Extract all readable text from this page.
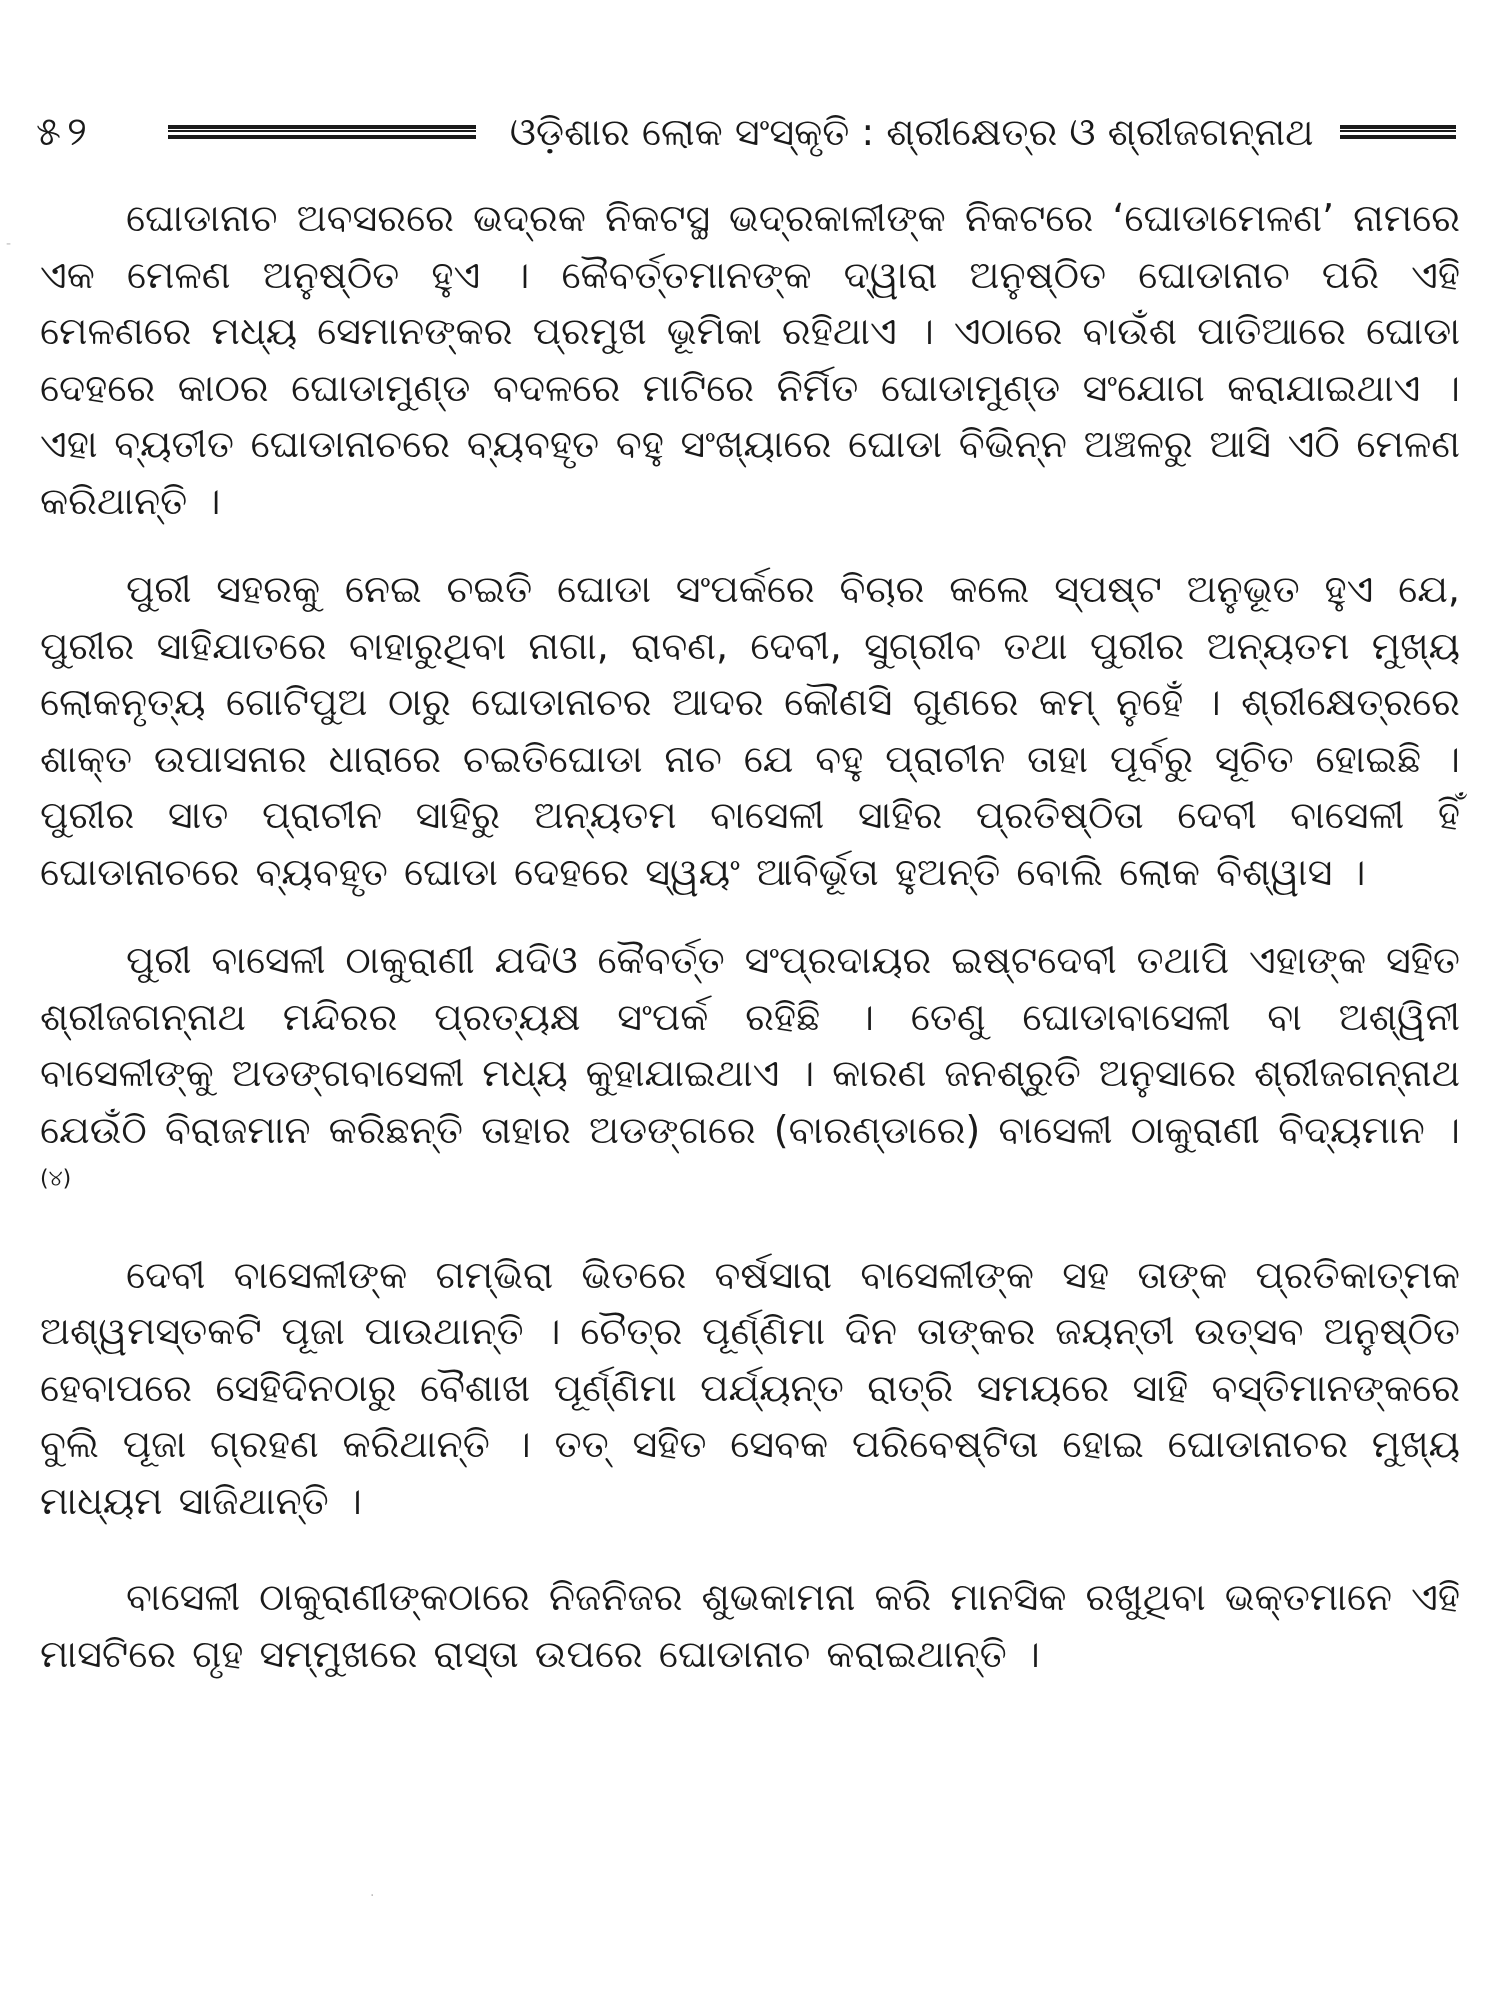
୫୨	ଓଡ଼ିଶାର ଲୋକ ସଂସ୍କୃତି : ଶ୍ରୀକ୍ଷେତ୍ର ଓ ଶ୍ରୀଜଗନ୍ନାଥ

ଘୋଡାନାଚ ଅବସରରେ ଭଦ୍ରକ ନିକଟସ୍ଥ ଭଦ୍ରକାଳୀଙ୍କ ନିକଟରେ ‘ଘୋଡାମେଳଣ’ ନାମରେ ଏକ ମେଳଣ ଅନୁଷ୍ଠିତ ହୁଏ । କୈବର୍ତ୍ତମାନଙ୍କ ଦ୍ୱାରା ଅନୁଷ୍ଠିତ ଘୋଡାନାଚ ପରି ଏହି ମେଳଣରେ ମଧ୍ୟ ସେମାନଙ୍କର ପ୍ରମୁଖ ଭୂମିକା ରହିଥାଏ । ଏଠାରେ ବାଉଁଶ ପାତିଆରେ ଘୋଡା ଦେହରେ କାଠର ଘୋଡାମୁଣ୍ଡ ବଦଳରେ ମାଟିରେ ନିର୍ମିତ ଘୋଡାମୁଣ୍ଡ ସଂଯୋଗ କରାଯାଇଥାଏ । ଏହା ବ୍ୟତୀତ ଘୋଡାନାଚରେ ବ୍ୟବହୃତ ବହୁ ସଂଖ୍ୟାରେ ଘୋଡା ବିଭିନ୍ନ ଅଞ୍ଚଳରୁ ଆସି ଏଠି ମେଳଣ କରିଥାନ୍ତି ।

ପୁରୀ ସହରକୁ ନେଇ ଚଇତି ଘୋଡା ସଂପର୍କରେ ବିଚାର କଲେ ସ୍ପଷ୍ଟ ଅନୁଭୂତ ହୁଏ ଯେ, ପୁରୀର ସାହିଯାତରେ ବାହାରୁଥିବା ନାଗା, ରାବଣ, ଦେବୀ, ସୁଗ୍ରୀବ ତଥା ପୁରୀର ଅନ୍ୟତମ ମୁଖ୍ୟ ଲୋକନୃତ୍ୟ ଗୋଟିପୁଅ ଠାରୁ ଘୋଡାନାଚର ଆଦର କୌଣସି ଗୁଣରେ କମ୍ ନୁହେଁ । ଶ୍ରୀକ୍ଷେତ୍ରରେ ଶାକ୍ତ ଉପାସନାର ଧାରାରେ ଚଇତିଘୋଡା ନାଚ ଯେ ବହୁ ପ୍ରାଚୀନ ତାହା ପୂର୍ବରୁ ସୂଚିତ ହୋଇଛି । ପୁରୀର ସାତ ପ୍ରାଚୀନ ସାହିରୁ ଅନ୍ୟତମ ବାସେଳୀ ସାହିର ପ୍ରତିଷ୍ଠିତା ଦେବୀ ବାସେଳୀ ହିଁ ଘୋଡାନାଚରେ ବ୍ୟବହୃତ ଘୋଡା ଦେହରେ ସ୍ୱୟଂ ଆବିର୍ଭୂତା ହୁଅନ୍ତି ବୋଲି ଲୋକ ବିଶ୍ୱାସ ।

ପୁରୀ ବାସେଳୀ ଠାକୁରାଣୀ ଯଦିଓ କୈବର୍ତ୍ତ ସଂପ୍ରଦାୟର ଇଷ୍ଟଦେବୀ ତଥାପି ଏହାଙ୍କ ସହିତ ଶ୍ରୀଜଗନ୍ନାଥ ମନ୍ଦିରର ପ୍ରତ୍ୟକ୍ଷ ସଂପର୍କ ରହିଛି । ତେଣୁ ଘୋଡାବାସେଳୀ ବା ଅଶ୍ୱିନୀ ବାସେଳୀଙ୍କୁ ଅଡଙ୍ଗବାସେଳୀ ମଧ୍ୟ କୁହାଯାଇଥାଏ । କାରଣ ଜନଶ୍ରୁତି ଅନୁସାରେ ଶ୍ରୀଜଗନ୍ନାଥ ଯେଉଁଠି ବିରାଜମାନ କରିଛନ୍ତି ତାହାର ଅଡଙ୍ଗରେ (ବାରଣ୍ଡାରେ) ବାସେଳୀ ଠାକୁରାଣୀ ବିଦ୍ୟମାନ ।$^{(୪)}$

ଦେବୀ ବାସେଳୀଙ୍କ ଗମ୍ଭିରା ଭିତରେ ବର୍ଷସାରା ବାସେଳୀଙ୍କ ସହ ତାଙ୍କ ପ୍ରତିକାତ୍ମକ ଅଶ୍ୱମସ୍ତକଟି ପୂଜା ପାଉଥାନ୍ତି । ଚୈତ୍ର ପୂର୍ଣ୍ଣିମା ଦିନ ତାଙ୍କର ଜୟନ୍ତୀ ଉତ୍ସବ ଅନୁଷ୍ଠିତ ହେବାପରେ ସେହିଦିନଠାରୁ ବୈଶାଖ ପୂର୍ଣ୍ଣିମା ପର୍ଯ୍ୟନ୍ତ ରାତ୍ରି ସମୟରେ ସାହି ବସ୍ତିମାନଙ୍କରେ ବୁଲି ପୂଜା ଗ୍ରହଣ କରିଥାନ୍ତି । ତତ୍ ସହିତ ସେବକ ପରିବେଷ୍ଟିତା ହୋଇ ଘୋଡାନାଚର ମୁଖ୍ୟ ମାଧ୍ୟମ ସାଜିଥାନ୍ତି ।

ବାସେଳୀ ଠାକୁରାଣୀଙ୍କଠାରେ ନିଜନିଜର ଶୁଭକାମନା କରି ମାନସିକ ରଖୁଥିବା ଭକ୍ତମାନେ ଏହି ମାସଟିରେ ଗୃହ ସମ୍ମୁଖରେ ରାସ୍ତା ଉପରେ ଘୋଡାନାଚ କରାଇଥାନ୍ତି ।

‐
·
